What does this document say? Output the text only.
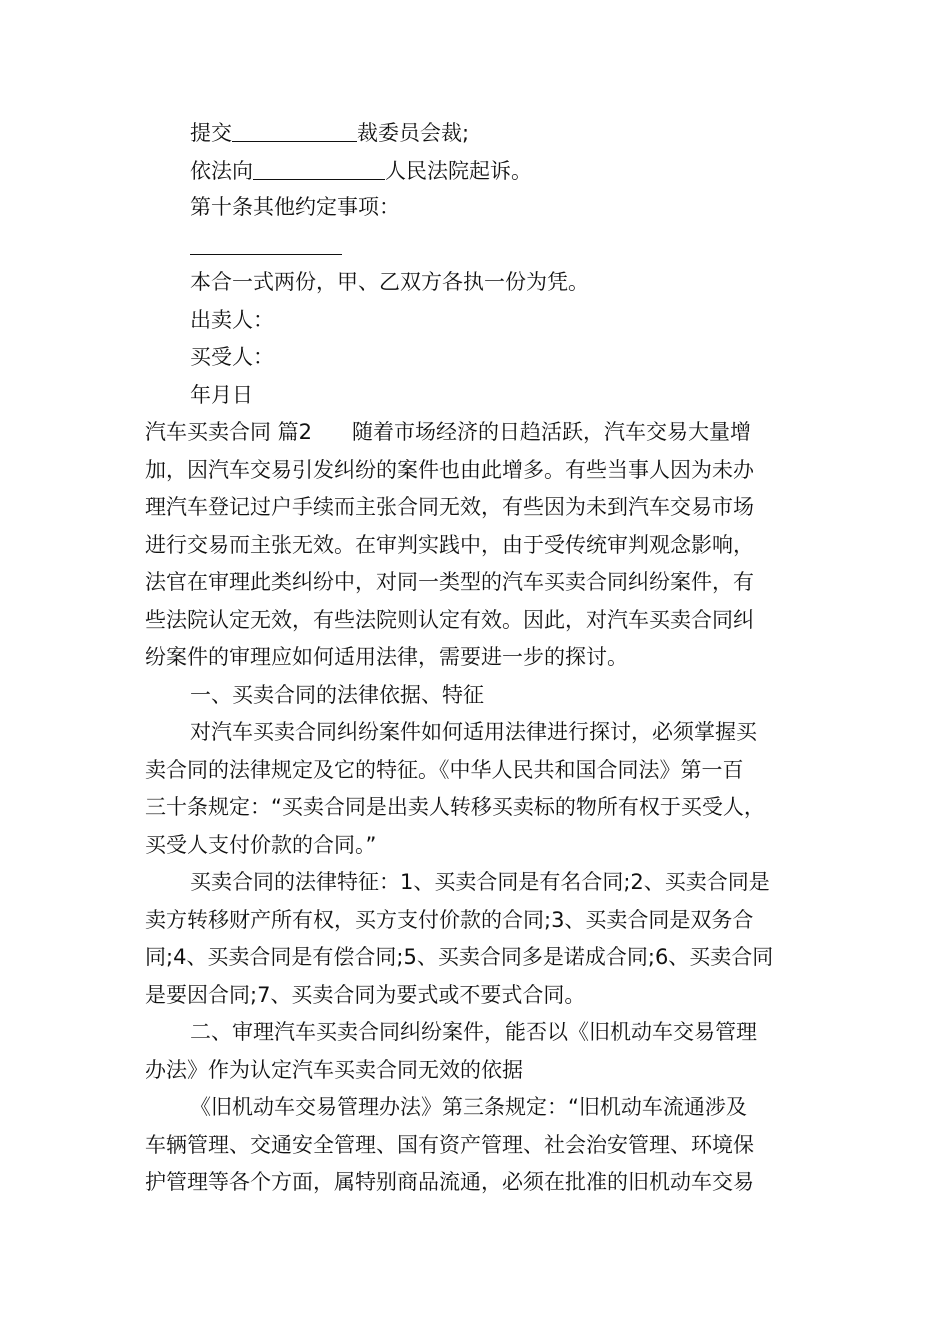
提交	裁委员会裁;
依法向	人民法院起诉。
第十条其他约定事项：
本合一式两份，甲、乙双方各执一份为凭。
出卖人：
买受人：
年月日
汽车买卖合同 篇2 随着市场经济的日趋活跃，汽车交易大量增
加，因汽车交易引发纠纷的案件也由此增多。有些当事人因为未办
理汽车登记过户手续而主张合同无效，有些因为未到汽车交易市场
进行交易而主张无效。在审判实践中，由于受传统审判观念影响，
法官在审理此类纠纷中，对同一类型的汽车买卖合同纠纷案件，有
些法院认定无效，有些法院则认定有效。因此，对汽车买卖合同纠
纷案件的审理应如何适用法律，需要进一步的探讨。
一、买卖合同的法律依据、特征
对汽车买卖合同纠纷案件如何适用法律进行探讨，必须掌握买
卖合同的法律规定及它的特征。《中华人民共和国合同法》第一百
三十条规定：“买卖合同是出卖人转移买卖标的物所有权于买受人，
买受人支付价款的合同。”
买卖合同的法律特征：1、买卖合同是有名合同;2、买卖合同是
卖方转移财产所有权，买方支付价款的合同;3、买卖合同是双务合
同;4、买卖合同是有偿合同;5、买卖合同多是诺成合同;6、买卖合同
是要因合同;7、买卖合同为要式或不要式合同。
二、审理汽车买卖合同纠纷案件，能否以《旧机动车交易管理
办法》作为认定汽车买卖合同无效的依据
《旧机动车交易管理办法》第三条规定：“旧机动车流通涉及
车辆管理、交通安全管理、国有资产管理、社会治安管理、环境保
护管理等各个方面，属特别商品流通，必须在批准的旧机动车交易
